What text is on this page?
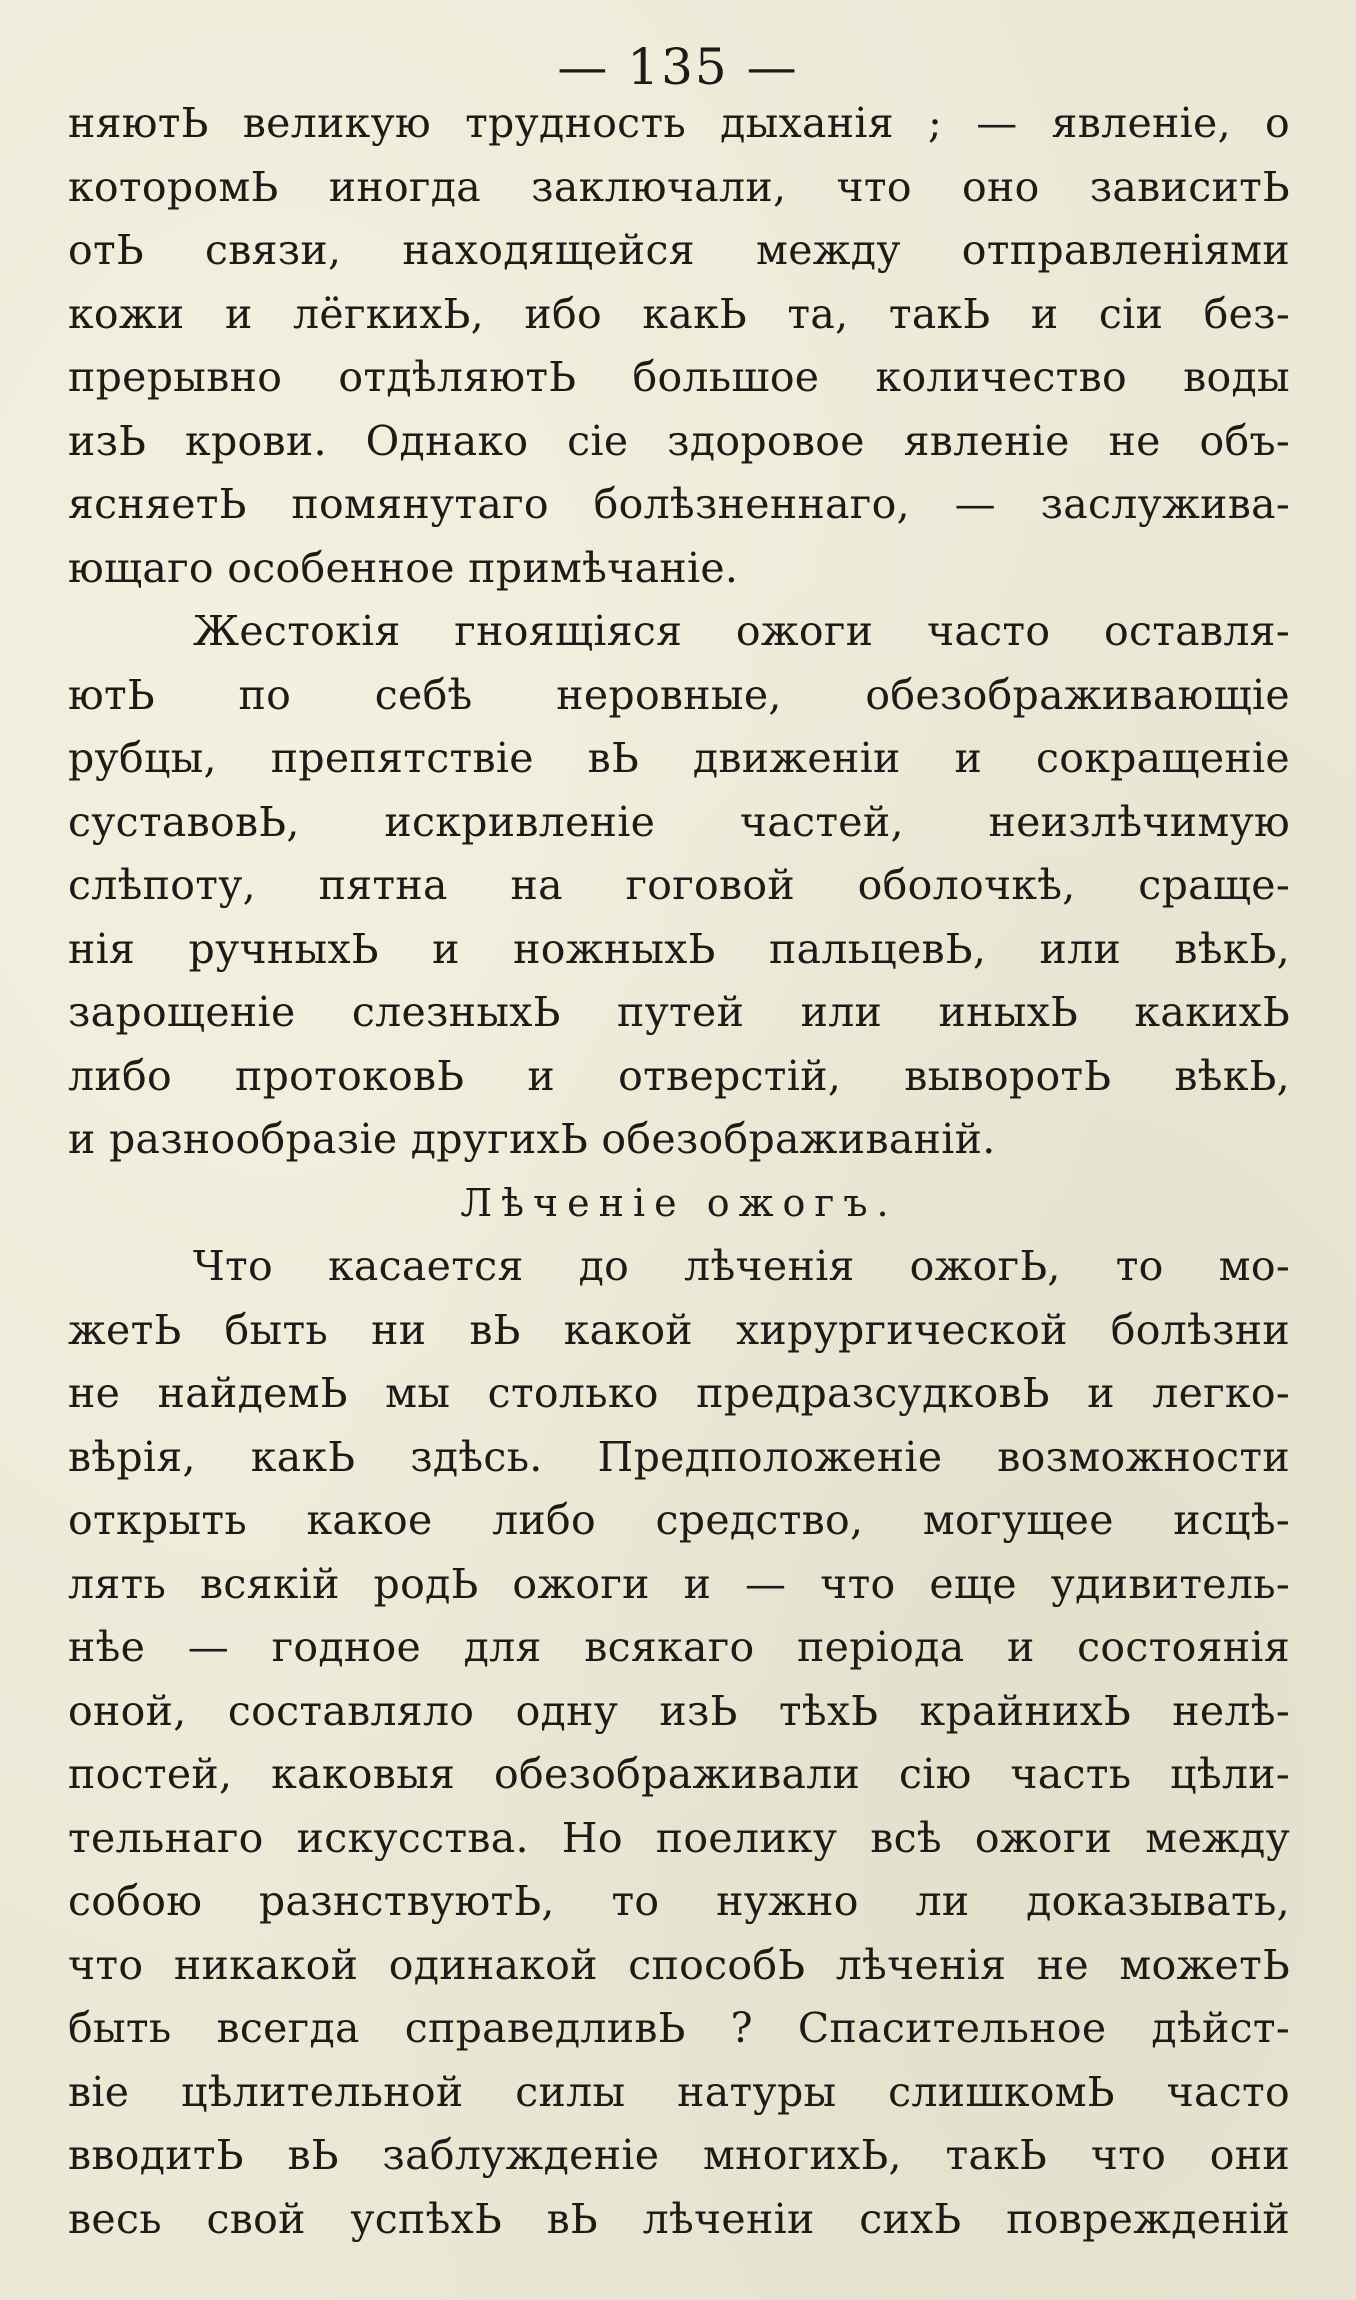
— 135 —
няютЬ великую трудность дыханія ; — явленіе, о
которомЬ иногда заключали, что оно зависитЬ
отЬ связи, находящейся между отправленіями
кожи и лёгкихЬ, ибо какЬ та, такЬ и сіи без-
прерывно отдѣляютЬ большое количество воды
изЬ крови. Однако сіе здоровое явленіе не объ-
ясняетЬ помянутаго болѣзненнаго, — заслужива-
ющаго особенное примѣчаніе.
Жестокія гноящіяся ожоги часто оставля-
ютЬ по себѣ неровные, обезображивающіе
рубцы, препятствіе вЬ движеніи и сокращеніе
суставовЬ, искривленіе частей, неизлѣчимую
слѣпоту, пятна на гоговой оболочкѣ, сраще-
нія ручныхЬ и ножныхЬ пальцевЬ, или вѣкЬ,
зарощеніе слезныхЬ путей или иныхЬ какихЬ
либо протоковЬ и отверстій, выворотЬ вѣкЬ,
и разнообразіе другихЬ обезображиваній.
Лѣченіе ожогъ.
Что касается до лѣченія ожогЬ, то мо-
жетЬ быть ни вЬ какой хирургической болѣзни
не найдемЬ мы столько предразсудковЬ и легко-
вѣрія, какЬ здѣсь. Предположеніе возможности
открыть какое либо средство, могущее исцѣ-
лять всякій родЬ ожоги и — что еще удивитель-
нѣе — годное для всякаго періода и состоянія
оной, составляло одну изЬ тѣхЬ крайнихЬ нелѣ-
постей, каковыя обезображивали сію часть цѣли-
тельнаго искусства. Но поелику всѣ ожоги между
собою разнствуютЬ, то нужно ли доказывать,
что никакой одинакой способЬ лѣченія не можетЬ
быть всегда справедливЬ ? Спасительное дѣйст-
віе цѣлительной силы натуры слишкомЬ часто
вводитЬ вЬ заблужденіе многихЬ, такЬ что они
весь свой успѣхЬ вЬ лѣченіи сихЬ поврежденій
